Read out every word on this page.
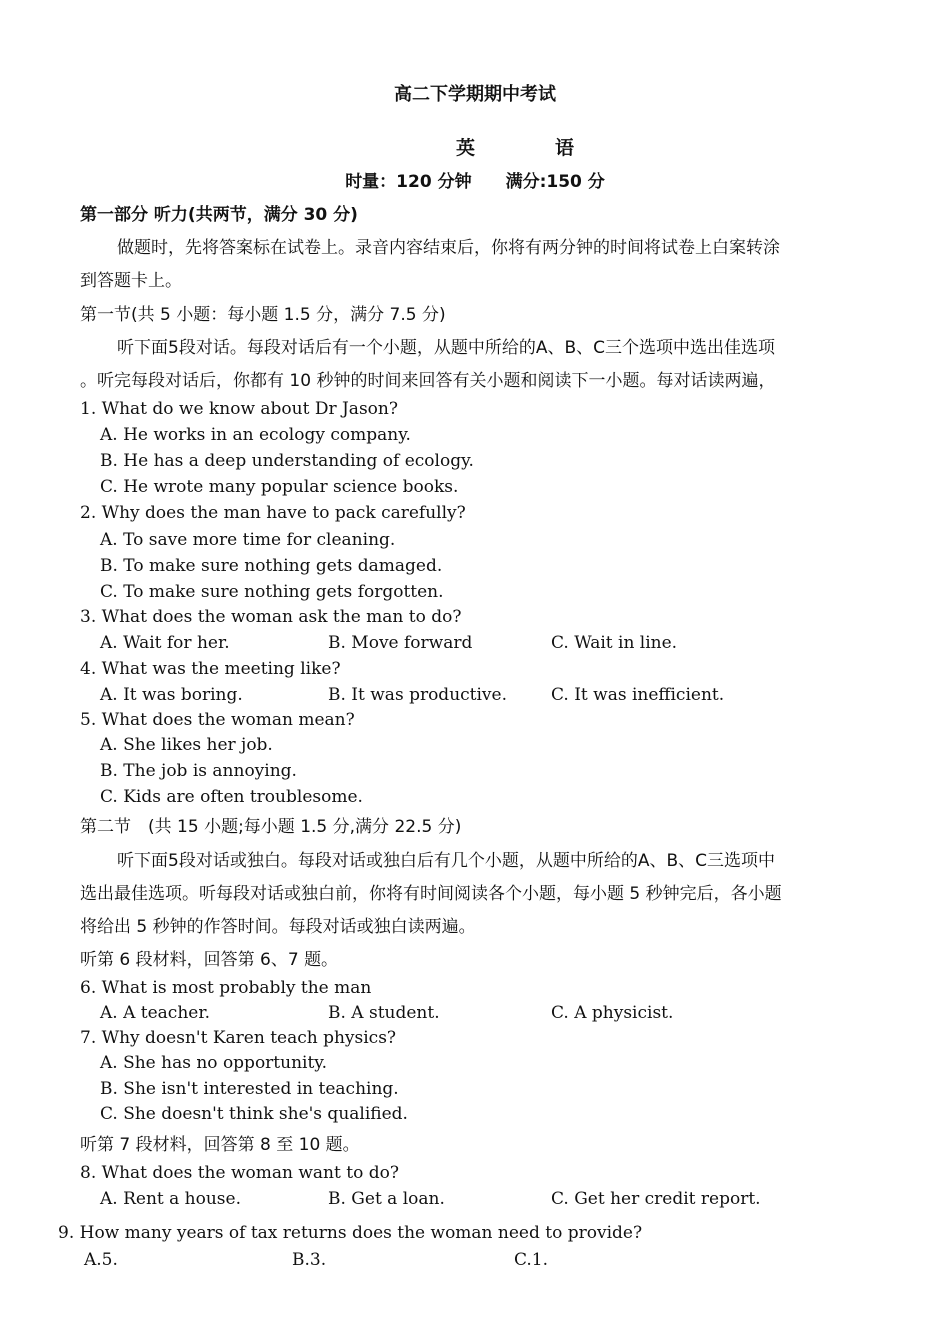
高二下学期期中考试
英语
时量：120 分钟　　满分:150 分
第一部分 听力(共两节，满分 30 分)
做题时，先将答案标在试卷上。录音内容结束后，你将有两分钟的时间将试卷上白案转涂
到答题卡上。
第一节(共 5 小题：每小题 1.5 分，满分 7.5 分)
听下面5段对话。每段对话后有一个小题，从题中所给的A、B、C三个选项中选出佳选项
。听完每段对话后，你都有 10 秒钟的时间来回答有关小题和阅读下一小题。每对话读两遍，
1. What do we know about Dr Jason?
A. He works in an ecology company.
B. He has a deep understanding of ecology.
C. He wrote many popular science books.
2. Why does the man have to pack carefully?
A. To save more time for cleaning.
B. To make sure nothing gets damaged.
C. To make sure nothing gets forgotten.
3. What does the woman ask the man to do?
A. Wait for her.	B. Move forward	C. Wait in line.
4. What was the meeting like?
A. It was boring.	B. It was productive.	C. It was inefficient.
5. What does the woman mean?
A. She likes her job.
B. The job is annoying.
C. Kids are often troublesome.
第二节　(共 15 小题;每小题 1.5 分,满分 22.5 分)
听下面5段对话或独白。每段对话或独白后有几个小题，从题中所给的A、B、C三选项中
选出最佳选项。听每段对话或独白前，你将有时间阅读各个小题，每小题 5 秒钟完后，各小题
将给出 5 秒钟的作答时间。每段对话或独白读两遍。
听第 6 段材料，回答第 6、7 题。
6. What is most probably the man
A. A teacher.	B. A student.	C. A physicist.
7. Why doesn't Karen teach physics?
A. She has no opportunity.
B. She isn't interested in teaching.
C. She doesn't think she's qualified.
听第 7 段材料，回答第 8 至 10 题。
8. What does the woman want to do?
A. Rent a house.	B. Get a loan.	C. Get her credit report.
9. How many years of tax returns does the woman need to provide?
A.5.	B.3.	C.1.
